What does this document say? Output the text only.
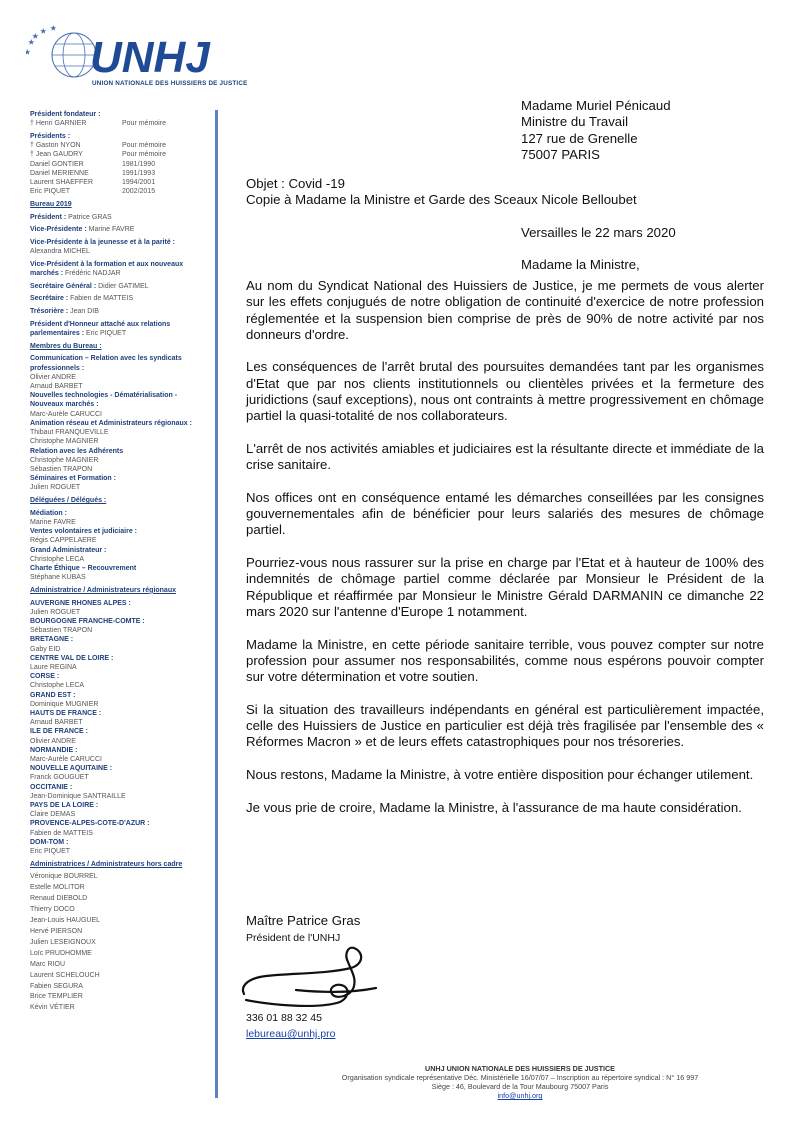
UNHJ
UNION NATIONALE DES HUISSIERS DE JUSTICE
Président fondateur :
† Henri GARNIER	Pour mémoire
Présidents :
† Gaston NYON	Pour mémoire
† Jean GAUDRY	Pour mémoire
Daniel GONTIER	1981/1990
Daniel MERIENNE	1991/1993
Laurent SHAEFFER	1994/2001
Eric PIQUET	2002/2015
Bureau 2019
Président : Patrice GRAS
Vice-Présidente : Marine FAVRE
Vice-Présidente à la jeunesse et à la parité :
Alexandra MICHEL
Vice-Président à la formation et aux nouveaux marchés : Frédéric NADJAR
Secrétaire Général : Didier GATIMEL
Secrétaire : Fabien de MATTEIS
Trésorière : Jean DIB
Président d'Honneur attaché aux relations parlementaires : Eric PIQUET
Membres du Bureau :
Communication – Relation avec les syndicats professionnels :
Olivier ANDRE
Arnaud BARBET
Nouvelles technologies - Dématérialisation - Nouveaux marchés :
Marc-Aurèle CARUCCI
Animation réseau et Administrateurs régionaux :
Thibaut FRANQUEVILLE
Christophe MAGNIER
Relation avec les Adhérents
Christophe MAGNIER
Sébastien TRAPON
Séminaires et Formation :
Julien ROGUET
Déléguées / Délégués :
Médiation :
Marine FAVRE
Ventes volontaires et judiciaire :
Régis CAPPELAERE
Grand Administrateur :
Christophe LECA
Charte Éthique – Recouvrement
Stéphane KUBAS
Administratrice / Administrateurs régionaux
AUVERGNE RHONES ALPES :
Julien ROGUET
BOURGOGNE FRANCHE-COMTE :
Sébastien TRAPON
BRETAGNE :
Gaby EID
CENTRE VAL DE LOIRE :
Laure REGINA
CORSE :
Christophe LECA
GRAND EST :
Dominique MUGNIER
HAUTS DE FRANCE :
Arnaud BARBET
ILE DE FRANCE :
Olivier ANDRE
NORMANDIE :
Marc-Aurèle CARUCCI
NOUVELLE AQUITAINE :
Franck GOUGUET
OCCITANIE :
Jean-Dominique SANTRAILLE
PAYS DE LA LOIRE :
Claire DEMAS
PROVENCE-ALPES-COTE-D'AZUR :
Fabien de MATTEIS
DOM-TOM :
Eric PIQUET
Administratrices / Administrateurs hors cadre
Véronique BOURREL
Estelle MOLITOR
Renaud DIEBOLD
Thierry DOCO
Jean-Louis HAUGUEL
Hervé PIERSON
Julien LESEIGNOUX
Loïc PRUDHOMME
Marc RIOU
Laurent SCHELOUCH
Fabien SEGURA
Brice TEMPLIER
Kévin VÉTIER
Madame Muriel Pénicaud
Ministre du Travail
127 rue de Grenelle
75007 PARIS
Objet : Covid -19
Copie à Madame la Ministre et Garde des Sceaux Nicole Belloubet
Versailles le 22 mars 2020
Madame la Ministre,

Au nom du Syndicat National des Huissiers de Justice, je me permets de vous alerter sur les effets conjugués de notre obligation de continuité d'exercice de notre profession réglementée et la suspension bien comprise de près de 90% de notre activité par nos donneurs d'ordre.

Les conséquences de l'arrêt brutal des poursuites demandées tant par les organismes d'Etat que par nos clients institutionnels ou clientèles privées et la fermeture des juridictions (sauf exceptions), nous ont contraints à mettre progressivement en chômage partiel la quasi-totalité de nos collaborateurs.

L'arrêt de nos activités amiables et judiciaires est la résultante directe et immédiate de la crise sanitaire.

Nos offices ont en conséquence entamé les démarches conseillées par les consignes gouvernementales afin de bénéficier pour leurs salariés des mesures de chômage partiel.

Pourriez-vous nous rassurer sur la prise en charge par l'Etat et à hauteur de 100% des indemnités de chômage partiel comme déclarée par Monsieur le Président de la République et réaffirmée par Monsieur le Ministre Gérald DARMANIN ce dimanche 22 mars 2020 sur l'antenne d'Europe 1 notamment.

Madame la Ministre, en cette période sanitaire terrible, vous pouvez compter sur notre profession pour assumer nos responsabilités, comme nous espérons pouvoir compter sur votre détermination et votre soutien.

Si la situation des travailleurs indépendants en général est particulièrement impactée, celle des Huissiers de Justice en particulier est déjà très fragilisée par l'ensemble des « Réformes Macron » et de leurs effets catastrophiques pour nos trésoreries.

Nous restons, Madame la Ministre, à votre entière disposition pour échanger utilement.

Je vous prie de croire, Madame la Ministre, à l'assurance de ma haute considération.

Maître Patrice Gras
Président de l'UNHJ
336 01 88 32 45
lebureau@unhj.pro
UNHJ UNION NATIONALE DES HUISSIERS DE JUSTICE
Organisation syndicale représentative Déc. Ministérielle 16/07/07 – Inscription au répertoire syndical : N° 16 997
Siège : 46, Boulevard de la Tour Maubourg 75007 Paris
info@unhj.org
